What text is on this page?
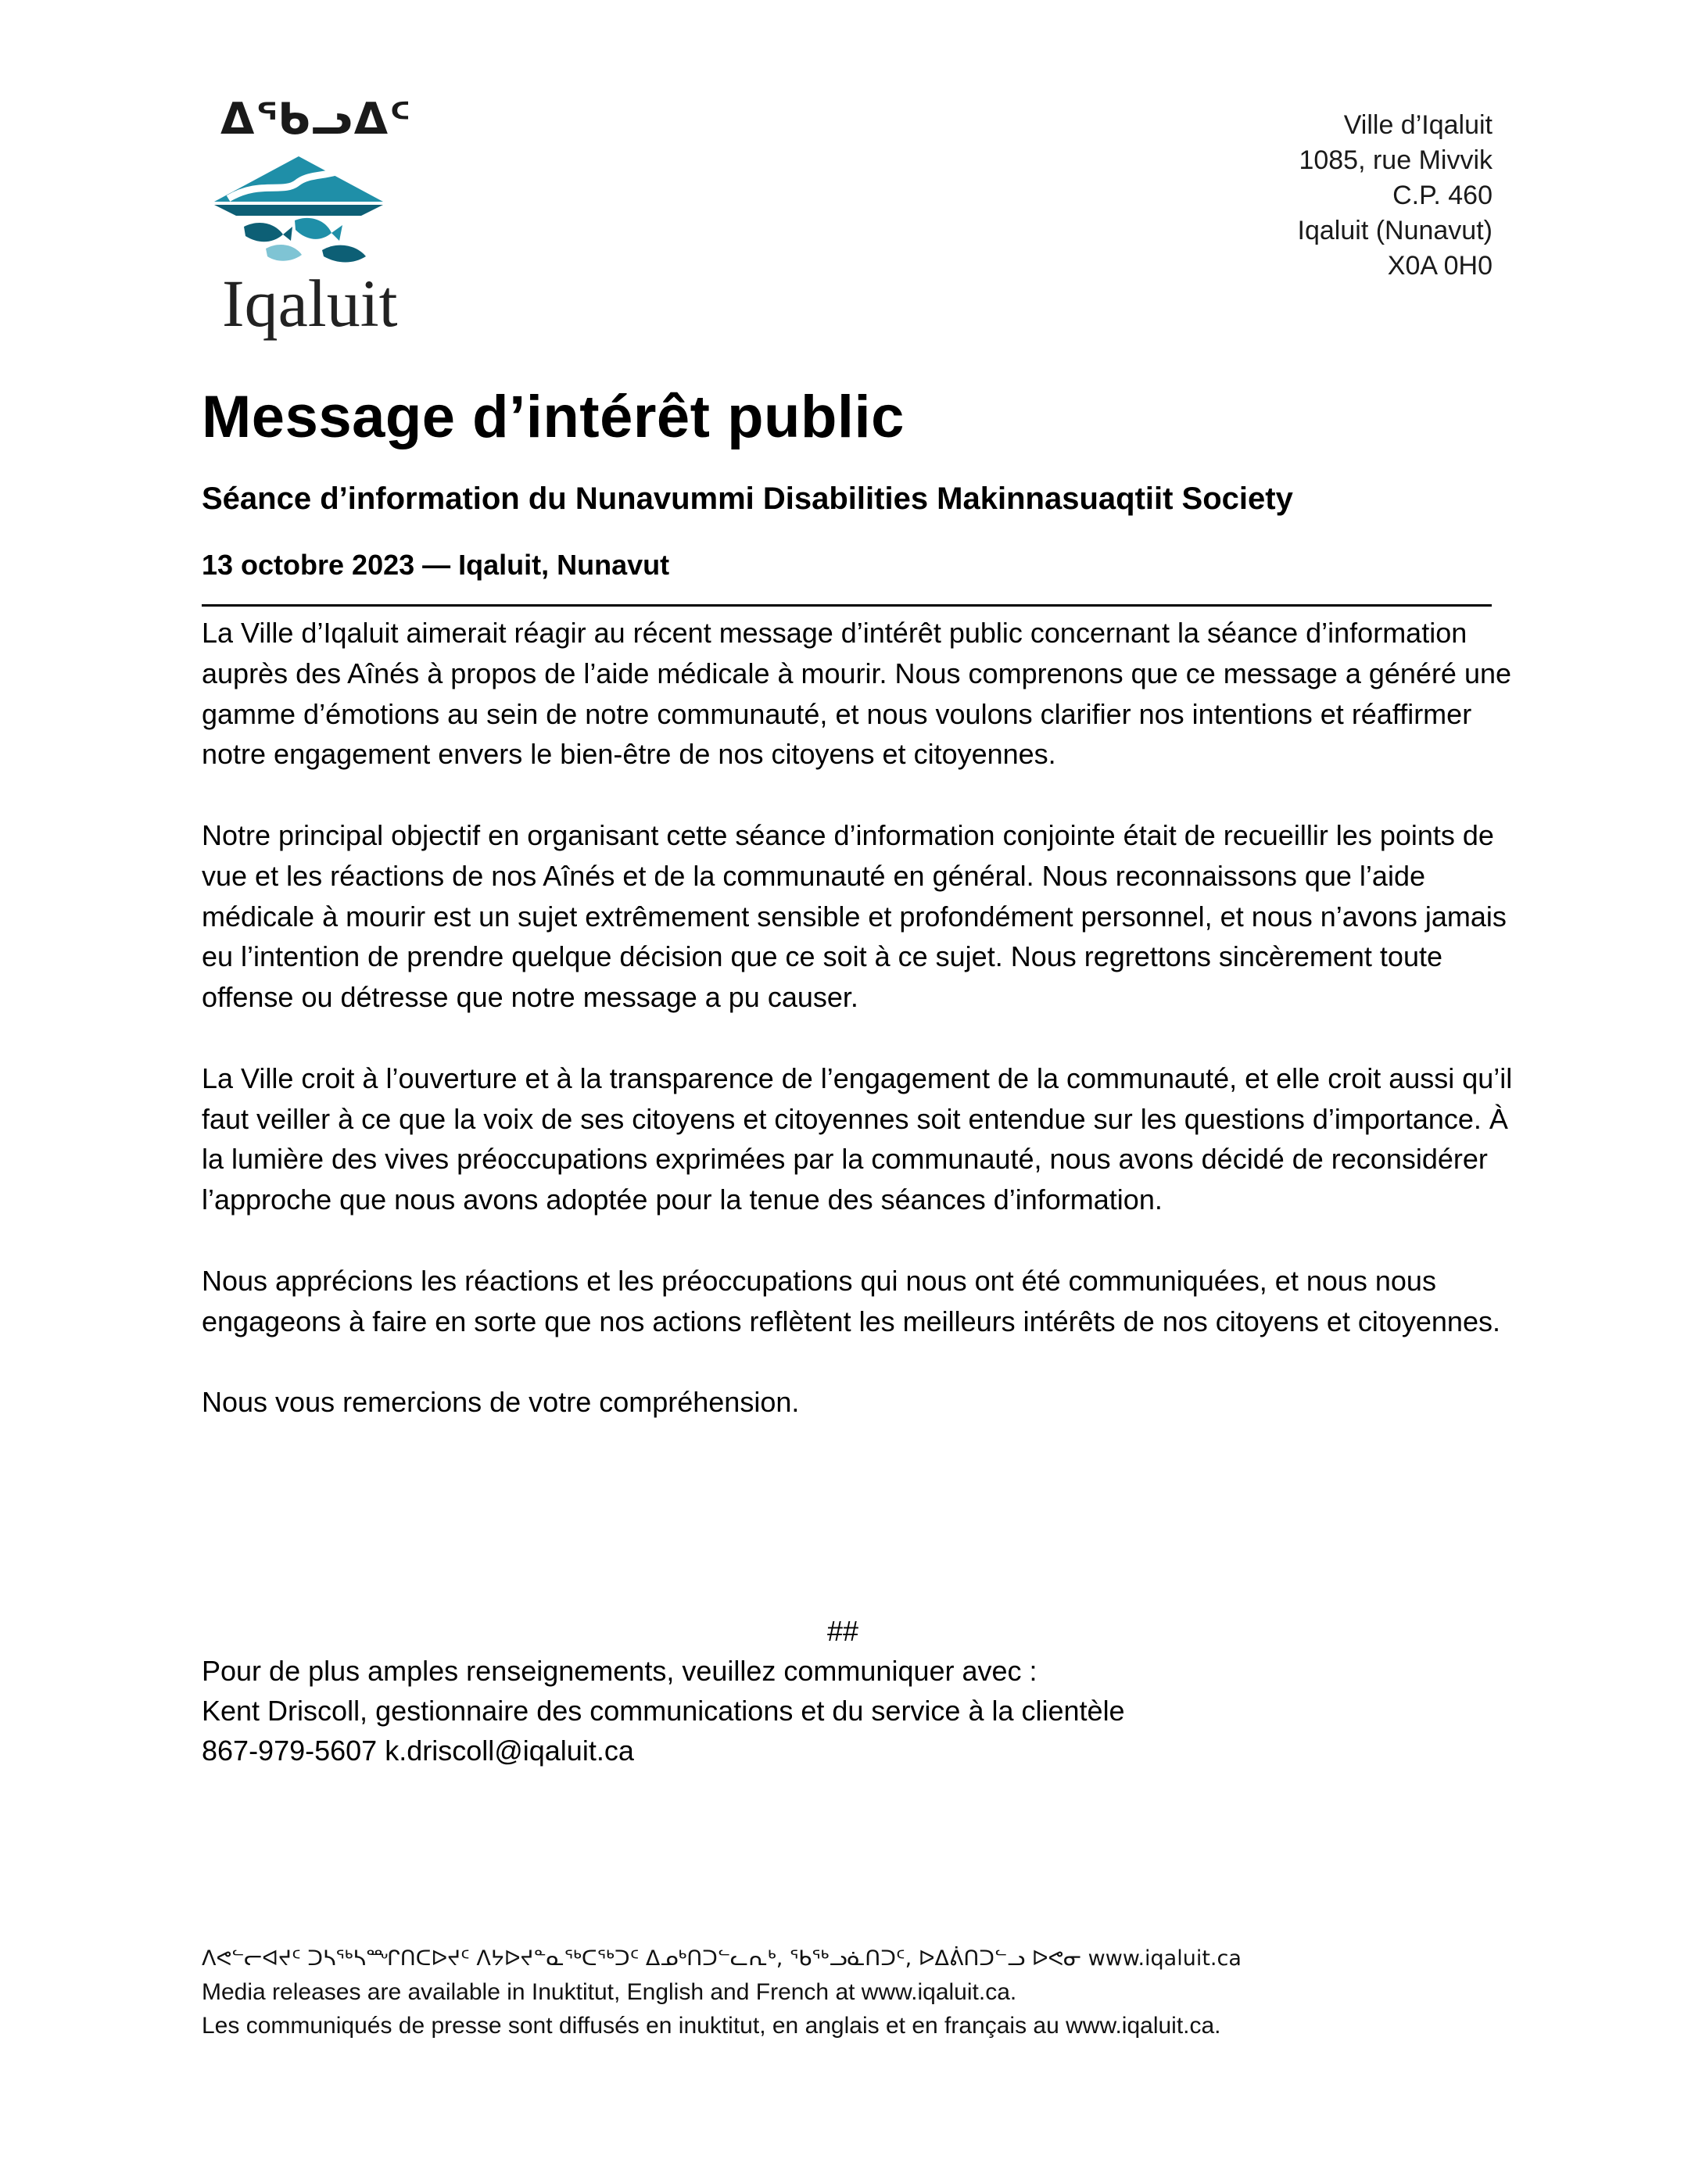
ᐃᖃᓗᐃᑦ
Iqaluit
Ville d’Iqaluit
1085, rue Mivvik
C.P. 460
Iqaluit (Nunavut)
X0A 0H0
Message d’intérêt public
Séance d’information du Nunavummi Disabilities Makinnasuaqtiit Society
13 octobre 2023 — Iqaluit, Nunavut

La Ville d’Iqaluit aimerait réagir au récent message d’intérêt public concernant la séance d’information auprès des Aînés à propos de l’aide médicale à mourir. Nous comprenons que ce message a généré une gamme d’émotions au sein de notre communauté, et nous voulons clarifier nos intentions et réaffirmer notre engagement envers le bien-être de nos citoyens et citoyennes.

Notre principal objectif en organisant cette séance d’information conjointe était de recueillir les points de vue et les réactions de nos Aînés et de la communauté en général. Nous reconnaissons que l’aide médicale à mourir est un sujet extrêmement sensible et profondément personnel, et nous n’avons jamais eu l’intention de prendre quelque décision que ce soit à ce sujet. Nous regrettons sincèrement toute offense ou détresse que notre message a pu causer.

La Ville croit à l’ouverture et à la transparence de l’engagement de la communauté, et elle croit aussi qu’il faut veiller à ce que la voix de ses citoyens et citoyennes soit entendue sur les questions d’importance. À la lumière des vives préoccupations exprimées par la communauté, nous avons décidé de reconsidérer l’approche que nous avons adoptée pour la tenue des séances d’information.

Nous apprécions les réactions et les préoccupations qui nous ont été communiquées, et nous nous engageons à faire en sorte que nos actions reflètent les meilleurs intérêts de nos citoyens et citoyennes.

Nous vous remercions de votre compréhension.

##
Pour de plus amples renseignements, veuillez communiquer avec :
Kent Driscoll, gestionnaire des communications et du service à la clientèle
867-979-5607 k.driscoll@iqaluit.ca
ᐱᕙᓪᓕᐊᔪᑦ ᑐᓴᖅᓴᙱᑎᑕᐅᔪᑦ ᐱᔭᐅᔪᓐᓇᖅᑕᖅᑐᑦ ᐃᓄᒃᑎᑐᓪᓚᕆᒃ, ᖃᖅᓗᓈᑎᑐᑦ, ᐅᐃᕖᑎᑐᓪᓗ ᐅᕙᓂ www.iqaluit.ca
Media releases are available in Inuktitut, English and French at www.iqaluit.ca.
Les communiqués de presse sont diffusés en inuktitut, en anglais et en français au www.iqaluit.ca.
